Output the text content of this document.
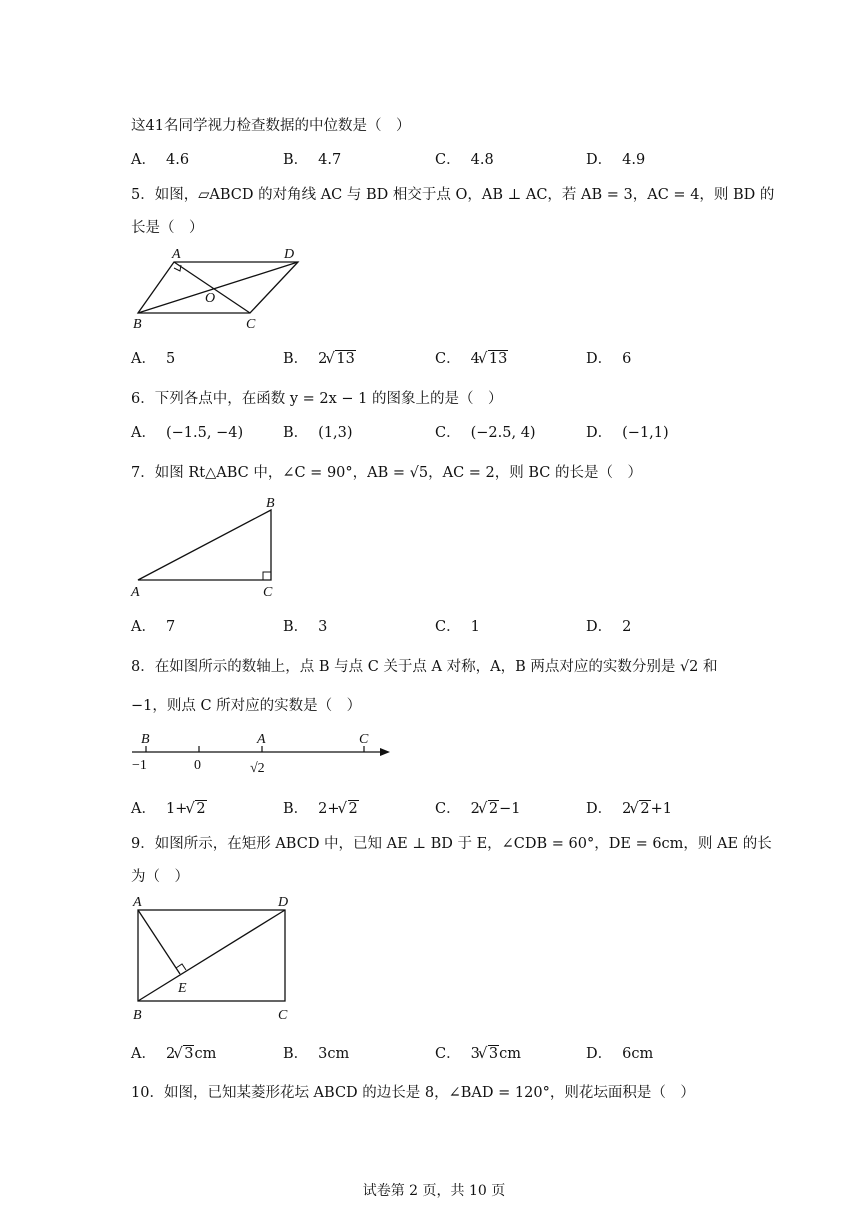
这41名同学视力检查数据的中位数是（　）
A． 4.6	B． 4.7	C． 4.8	D． 4.9
5．如图，▱ABCD 的对角线 AC 与 BD 相交于点 O，AB ⊥ AC，若 AB = 3，AC = 4，则 BD 的
长是（　）
A	D
B	C
O
A． 5	B． 2 √ 13	C． 4 √ 13	D． 6
6．下列各点中，在函数 y = 2x − 1 的图象上的是（　）
A． (−1.5, −4)	B． (1,3)	C． (−2.5, 4)	D． (−1,1)
7．如图 Rt△ABC 中，∠C = 90°，AB = √5，AC = 2，则 BC 的长是（　）
B
A	C
A． 7	B． 3	C． 1	D． 2
8．在如图所示的数轴上，点 B 与点 C 关于点 A 对称，A，B 两点对应的实数分别是 √2 和
−1，则点 C 所对应的实数是（　）
B	A	C
−1	0	√2
A． 1+ √ 2	B． 2+ √ 2	C． 2 √ 2−1	D． 2 √ 2+1
9．如图所示，在矩形 ABCD 中，已知 AE ⊥ BD 于 E，∠CDB = 60°，DE = 6cm，则 AE 的长
为（　）
A	D
B	C
E
A． 2 √ 3cm	B． 3cm	C． 3 √ 3cm	D． 6cm
10．如图，已知某菱形花坛 ABCD 的边长是 8，∠BAD = 120°，则花坛面积是（　）
试卷第 2 页，共 10 页
